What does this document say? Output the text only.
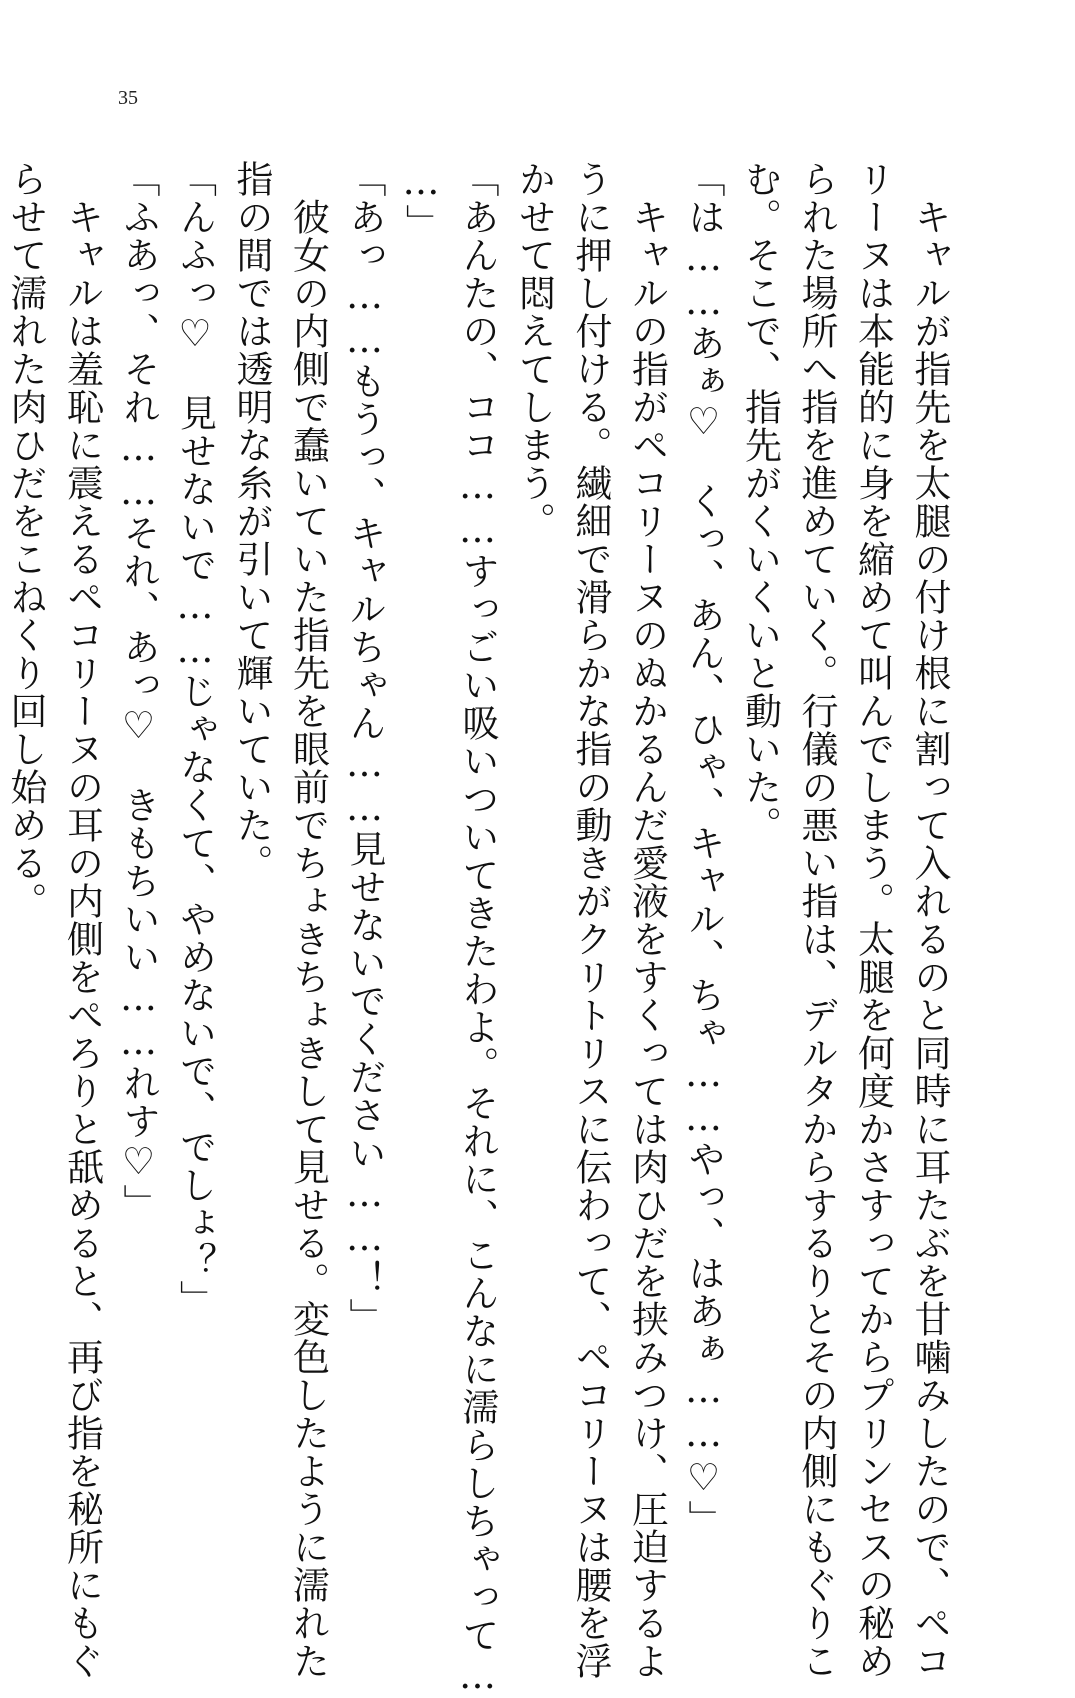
35

　キャルが指先を太腿の付け根に割って入れるのと同時に耳たぶを甘噛みしたので、ペコ

リーヌは本能的に身を縮めて叫んでしまう。太腿を何度かさすってからプリンセスの秘め

られた場所へ指を進めていく。行儀の悪い指は、デルタからするりとその内側にもぐりこ

む。そこで、指先がくいくいと動いた。

「は……あぁ♡　くっ、あん、ひゃ、キャル、ちゃ……やっ、はあぁ……♡」

　キャルの指がペコリーヌのぬかるんだ愛液をすくっては肉ひだを挟みつけ、圧迫するよ

うに押し付ける。繊細で滑らかな指の動きがクリトリスに伝わって、ペコリーヌは腰を浮

かせて悶えてしまう。

「あんたの、ココ……すっごい吸いついてきたわよ。それに、こんなに濡らしちゃって…

…」

「あっ……もうっ、キャルちゃん……見せないでください……！」

　彼女の内側で蠢いていた指先を眼前でちょきちょきして見せる。変色したように濡れた

指の間では透明な糸が引いて輝いていた。

「んふっ♡　見せないで……じゃなくて、やめないで、でしょ？」

「ふあっ、それ……それ、あっ♡　きもちいい……れす♡」

　キャルは羞恥に震えるペコリーヌの耳の内側をぺろりと舐めると、再び指を秘所にもぐ

らせて濡れた肉ひだをこねくり回し始める。
